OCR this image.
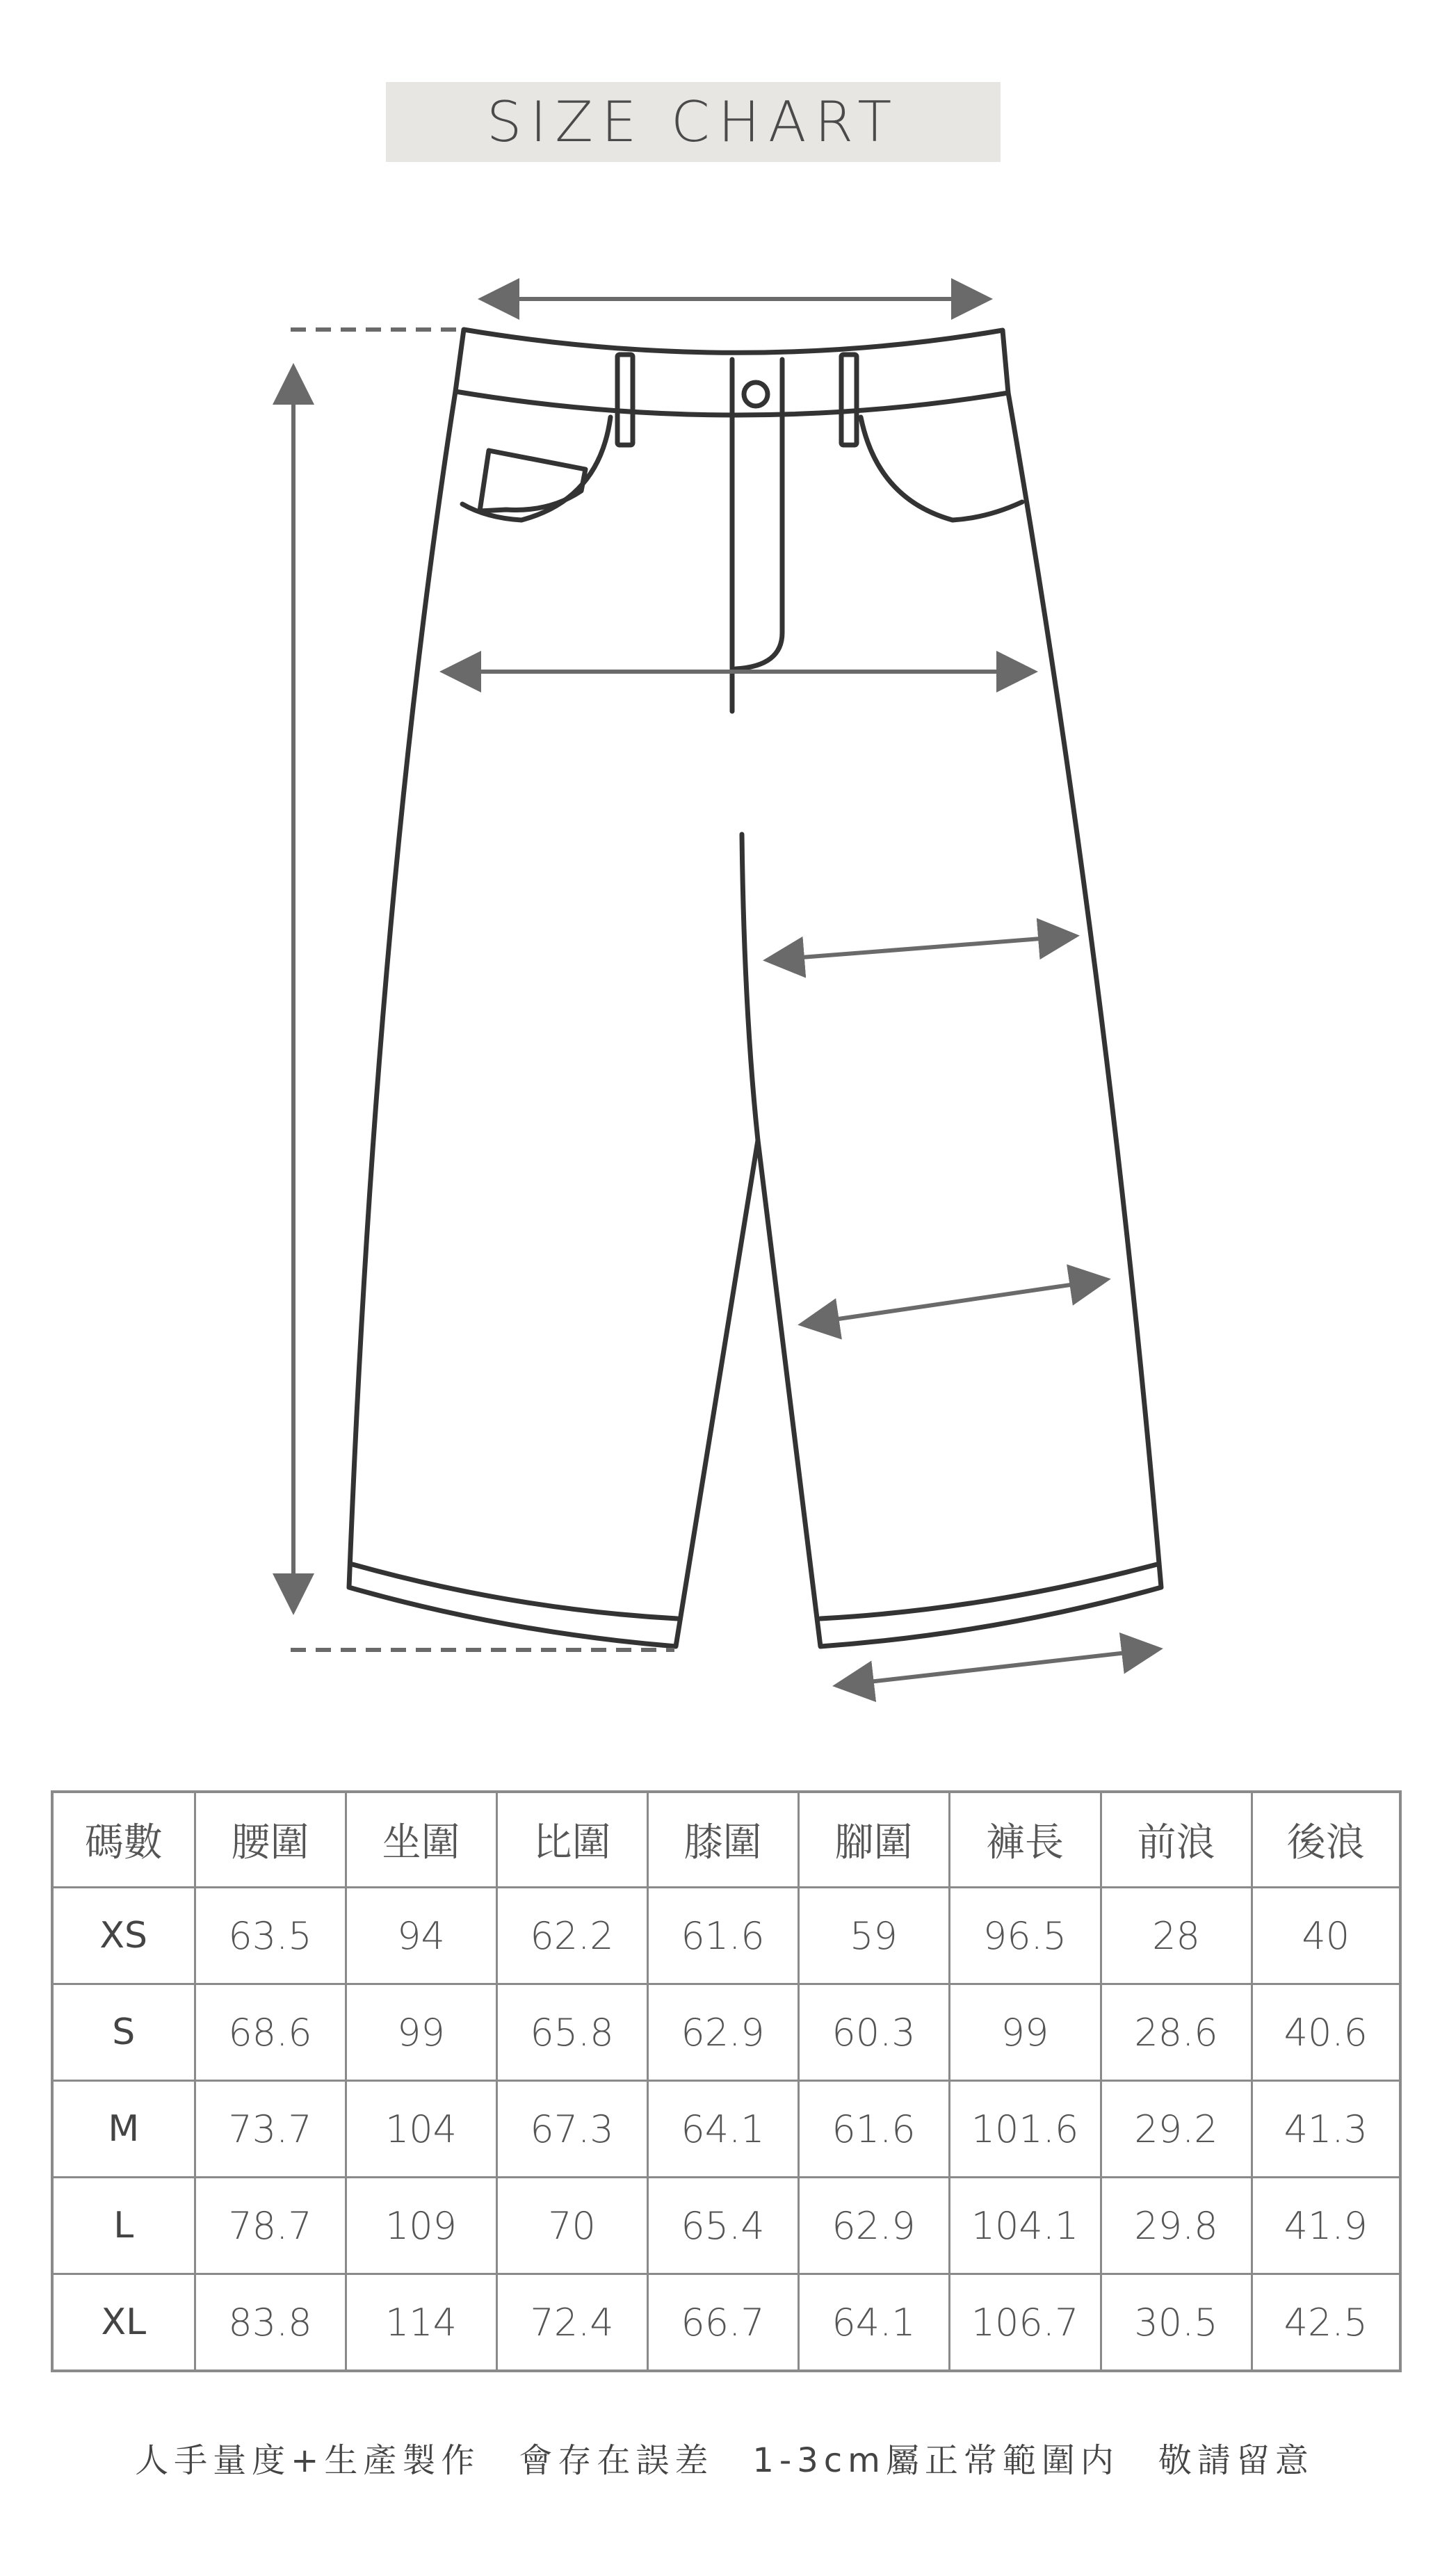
SIZE CHART
碼數	腰圍	坐圍	比圍	膝圍	腳圍	褲長	前浪	後浪
XS	63.5	94	62.2	61.6	59	96.5	28	40
S	68.6	99	65.8	62.9	60.3	99	28.6	40.6
M	73.7	104	67.3	64.1	61.6	101.6	29.2	41.3
L	78.7	109	70	65.4	62.9	104.1	29.8	41.9
XL	83.8	114	72.4	66.7	64.1	106.7	30.5	42.5
人手量度+生產製作　會存在誤差　1-3cm屬正常範圍内　敬請留意
